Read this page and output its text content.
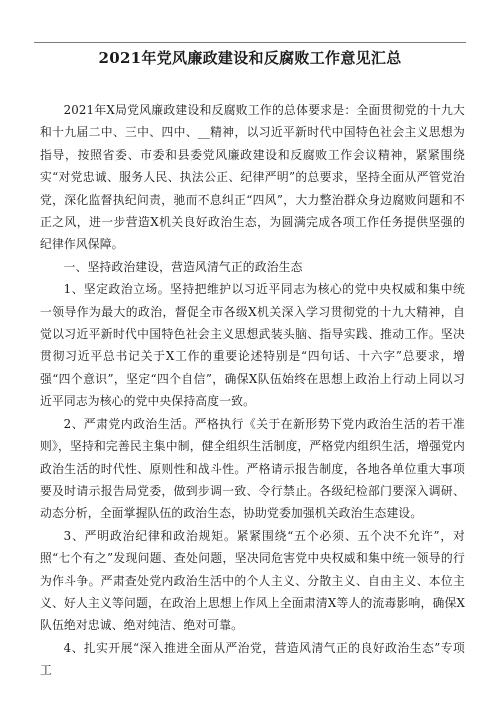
2021年党风廉政建设和反腐败工作意见汇总

2021年X局党风廉政建设和反腐败工作的总体要求是：全面贯彻党的十九大和十九届二中、三中、四中、__精神，以习近平新时代中国特色社会主义思想为指导，按照省委、市委和县委党风廉政建设和反腐败工作会议精神，紧紧围绕实“对党忠诚、服务人民、执法公正、纪律严明”的总要求，坚持全面从严管党治党，深化监督执纪问责，驰而不息纠正“四风”，大力整治群众身边腐败问题和不正之风，进一步营造X机关良好政治生态，为圆满完成各项工作任务提供坚强的纪律作风保障。

一、坚持政治建设，营造风清气正的政治生态

1、坚定政治立场。坚持把维护以习近平同志为核心的党中央权威和集中统一领导作为最大的政治，督促全市各级X机关深入学习贯彻党的十九大精神，自觉以习近平新时代中国特色社会主义思想武装头脑、指导实践、推动工作。坚决贯彻习近平总书记关于X工作的重要论述特别是“四句话、十六字”总要求，增强“四个意识”，坚定“四个自信”，确保X队伍始终在思想上政治上行动上同以习近平同志为核心的党中央保持高度一致。

2、严肃党内政治生活。严格执行《关于在新形势下党内政治生活的若干准则》，坚持和完善民主集中制，健全组织生活制度，严格党内组织生活，增强党内政治生活的时代性、原则性和战斗性。严格请示报告制度，各地各单位重大事项要及时请示报告局党委，做到步调一致、令行禁止。各级纪检部门要深入调研、动态分析，全面掌握队伍的政治生态，协助党委加强机关政治生态建设。

3、严明政治纪律和政治规矩。紧紧围绕“五个必须、五个决不允许”，对照“七个有之”发现问题、查处问题，坚决同危害党中央权威和集中统一领导的行为作斗争。严肃查处党内政治生活中的个人主义、分散主义、自由主义、本位主义、好人主义等问题，在政治上思想上作风上全面肃清X等人的流毒影响，确保X队伍绝对忠诚、绝对纯洁、绝对可靠。

4、扎实开展“深入推进全面从严治党，营造风清气正的良好政治生态”专项工
